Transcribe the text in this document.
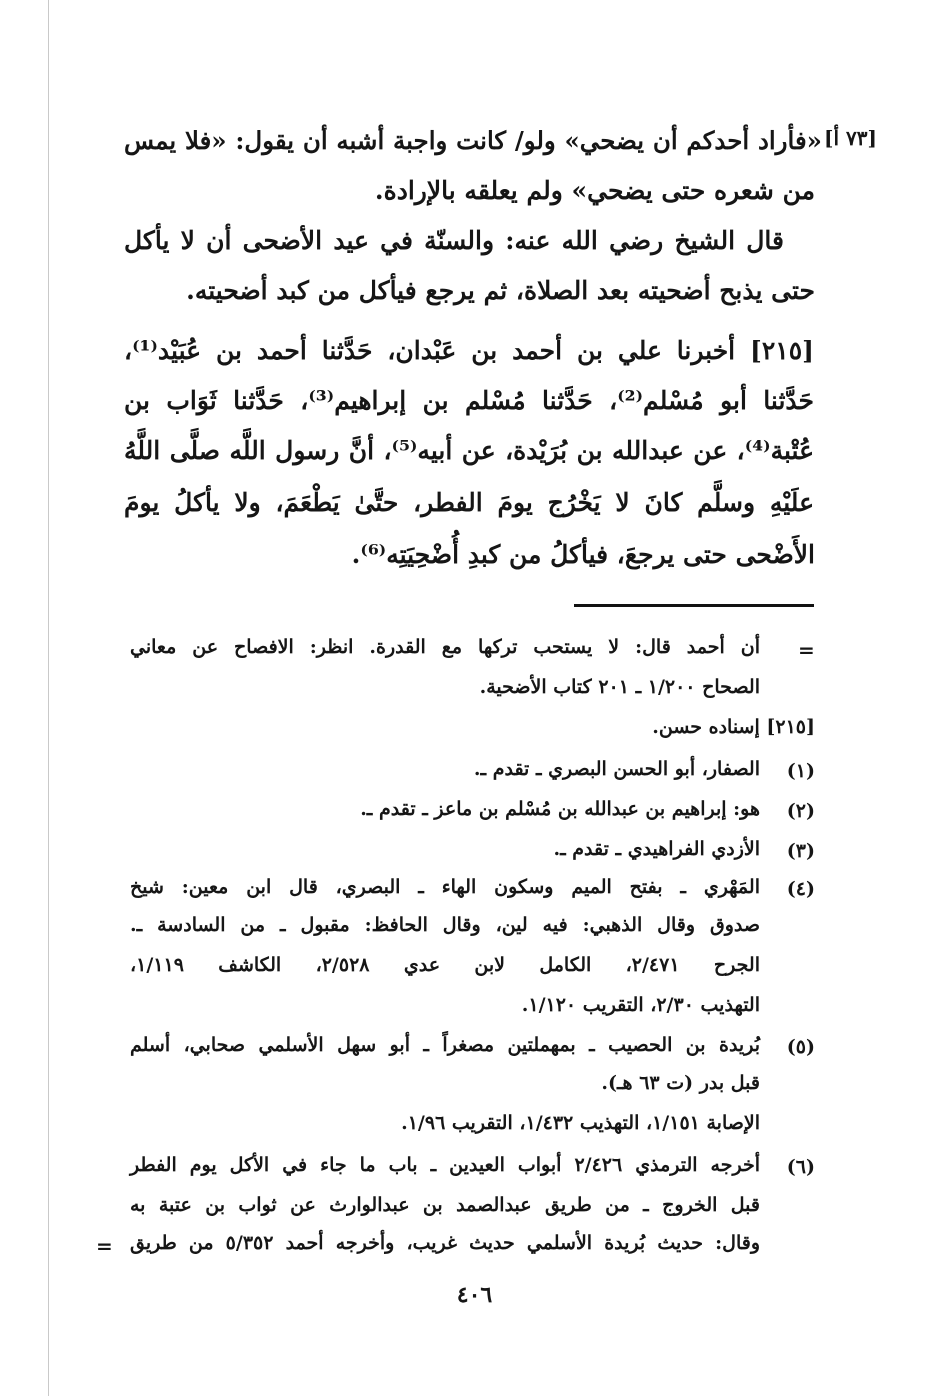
[٧٣ أ]

«فأراد أحدكم أن يضحي» ولو/ كانت واجبة أشبه أن يقول: «فلا يمس

من شعره حتى يضحي» ولم يعلقه بالإرادة.

قال الشيخ رضي الله عنه: والسنّة في عيد الأضحى أن لا يأكل

حتى يذبح أضحيته بعد الصلاة، ثم يرجع فيأكل من كبد أضحيته.

[٢١٥] أخبرنا علي بن أحمد بن عَبْدان، حَدَّثنا أحمد بن عُبَيْد⁽¹⁾،

حَدَّثنا أبو مُسْلم⁽²⁾، حَدَّثنا مُسْلم بن إبراهيم⁽³⁾، حَدَّثنا ثَوَاب بن

عُتْبة⁽⁴⁾، عن عبدالله بن بُرَيْدة، عن أبيه⁽⁵⁾، أنَّ رسول اللَّه صلَّى اللَّهُ

علَيْهِ وسلَّم كانَ لا يَخْرُج يومَ الفطر، حتَّىٰ يَطْعَمَ، ولا يأكلُ يومَ

الأَضْحى حتى يرجعَ، فيأكلُ من كبدِ أُضْحِيَتِه⁽⁶⁾.

=

أن أحمد قال: لا يستحب تركها مع القدرة. انظر: الافصاح عن معاني

الصحاح ١/٢٠٠ ـ ٢٠١ كتاب الأضحية.

[٢١٥] إسناده حسن.

(١)

الصفار، أبو الحسن البصري ـ تقدم ـ.

(٢)

هو: إبراهيم بن عبدالله بن مُسْلم بن ماعز ـ تقدم ـ.

(٣)

الأزدي الفراهيدي ـ تقدم ـ.

(٤)

المَهْري ـ بفتح الميم وسكون الهاء ـ البصري، قال ابن معين: شيخ

صدوق وقال الذهبي: فيه لين، وقال الحافظ: مقبول ـ من السادسة ـ.

الجرح ٢/٤٧١، الكامل لابن عدي ٢/٥٢٨، الكاشف ١/١١٩،

التهذيب ٢/٣٠، التقريب ١/١٢٠.

(٥)

بُريدة بن الحصيب ـ بمهملتين مصغراً ـ أبو سهل الأسلمي صحابي، أسلم

قبل بدر (ت ٦٣ هـ).

الإصابة ١/١٥١، التهذيب ١/٤٣٢، التقريب ١/٩٦.

(٦)

أخرجه الترمذي ٢/٤٢٦ أبواب العيدين ـ باب ما جاء في الأكل يوم الفطر

قبل الخروج ـ من طريق عبدالصمد بن عبدالوارث عن ثواب بن عتبة به

وقال: حديث بُريدة الأسلمي حديث غريب، وأخرجه أحمد ٥/٣٥٢ من طريق

=
٤٠٦
